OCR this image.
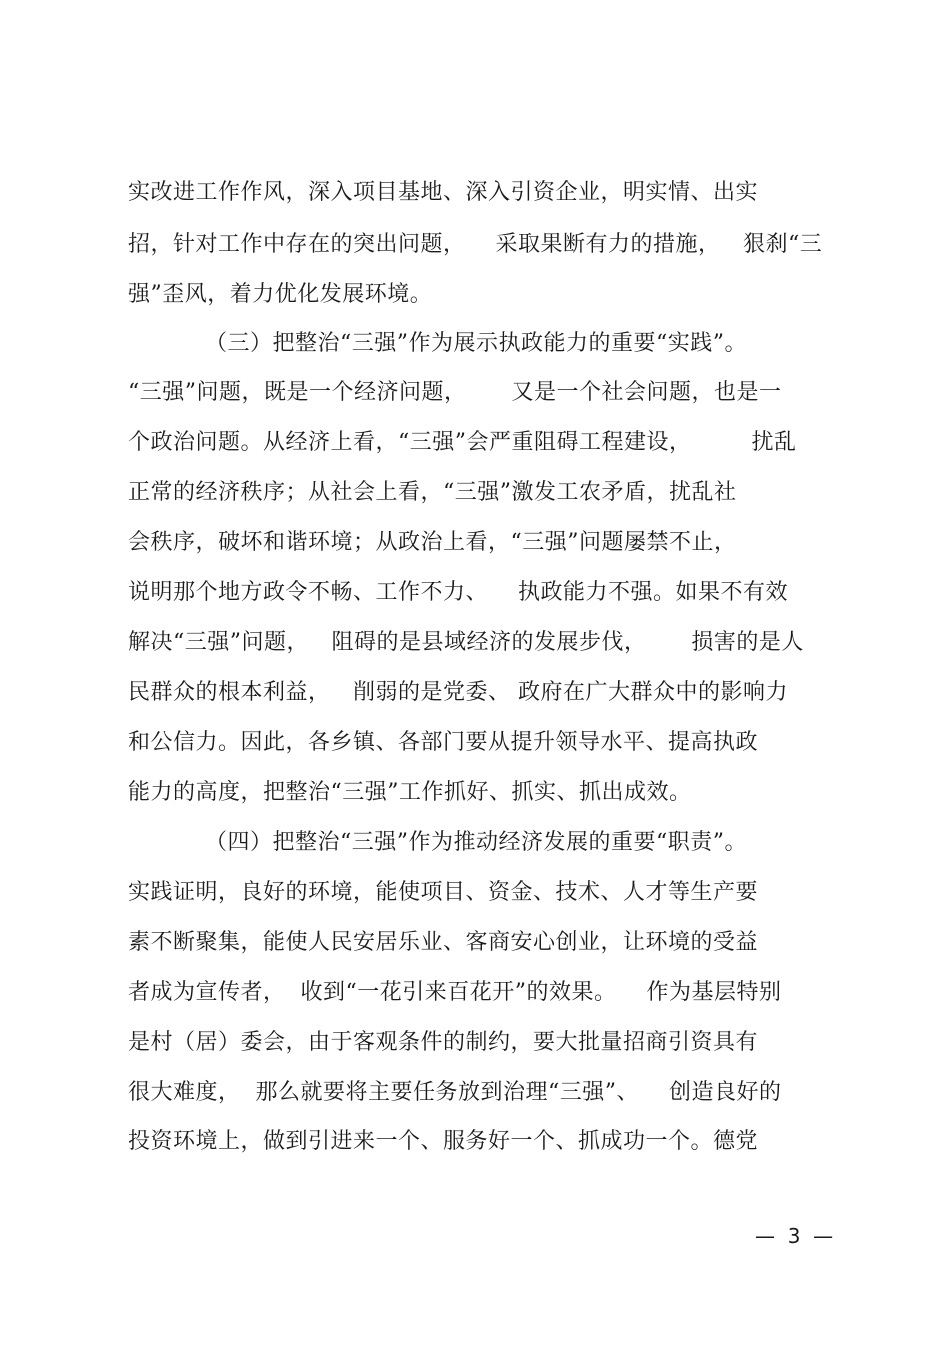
实改进工作作风，深入项目基地、深入引资企业，明实情、出实
招，针对工作中存在的突出问题，    采取果断有力的措施，   狠刹“三
强”歪风，着力优化发展环境。
（三）把整治“三强”作为展示执政能力的重要“实践”。
“三强”问题，既是一个经济问题，      又是一个社会问题，也是一
个政治问题。从经济上看，“三强”会严重阻碍工程建设，        扰乱
正常的经济秩序；从社会上看，“三强”激发工农矛盾，扰乱社
会秩序，破坏和谐环境；从政治上看，“三强”问题屡禁不止，
说明那个地方政令不畅、工作不力、    执政能力不强。如果不有效
解决“三强”问题，   阻碍的是县域经济的发展步伐，      损害的是人
民群众的根本利益，   削弱的是党委、 政府在广大群众中的影响力
和公信力。因此，各乡镇、各部门要从提升领导水平、提高执政
能力的高度，把整治“三强”工作抓好、抓实、抓出成效。
（四）把整治“三强”作为推动经济发展的重要“职责”。
实践证明，良好的环境，能使项目、资金、技术、人才等生产要
素不断聚集，能使人民安居乐业、客商安心创业，让环境的受益
者成为宣传者，  收到“一花引来百花开”的效果。    作为基层特别
是村（居）委会，由于客观条件的制约，要大批量招商引资具有
很大难度，  那么就要将主要任务放到治理“三强”、    创造良好的
投资环境上，做到引进来一个、服务好一个、抓成功一个。德党
—  3  —
